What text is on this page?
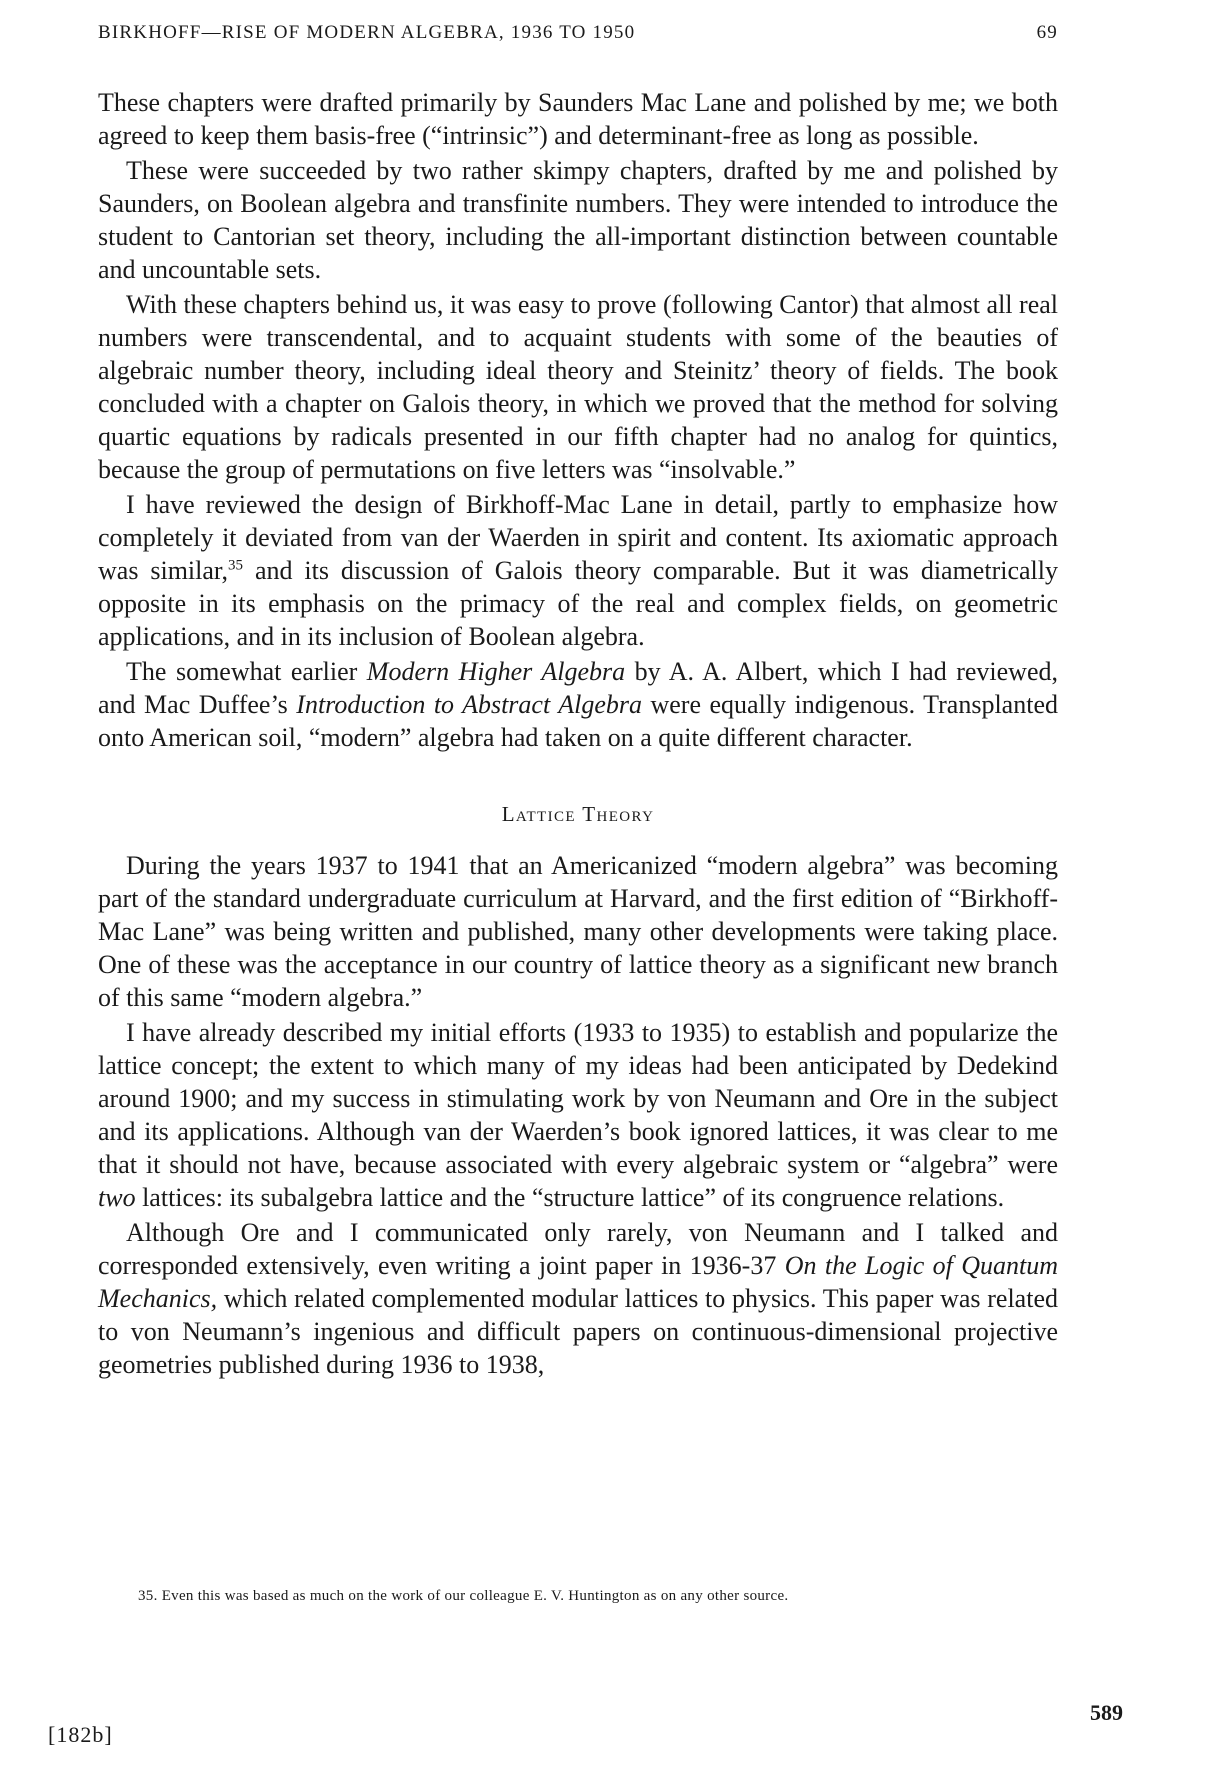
BIRKHOFF—RISE OF MODERN ALGEBRA, 1936 TO 1950	69

These chapters were drafted primarily by Saunders Mac Lane and polished by me; we both agreed to keep them basis-free (“intrinsic”) and determinant-free as long as possible.

These were succeeded by two rather skimpy chapters, drafted by me and polished by Saunders, on Boolean algebra and transfinite numbers. They were intended to introduce the student to Cantorian set theory, including the all-important distinction between countable and uncountable sets.

With these chapters behind us, it was easy to prove (following Cantor) that almost all real numbers were transcendental, and to acquaint students with some of the beauties of algebraic number theory, including ideal theory and Steinitz’ theory of fields. The book concluded with a chapter on Galois theory, in which we proved that the method for solving quartic equations by radicals presented in our fifth chapter had no analog for quintics, because the group of permutations on five letters was “insolvable.”

I have reviewed the design of Birkhoff-Mac Lane in detail, partly to emphasize how completely it deviated from van der Waerden in spirit and content. Its axiomatic approach was similar,$^{35}$ and its discussion of Galois theory comparable. But it was diametrically opposite in its emphasis on the primacy of the real and complex fields, on geometric applications, and in its inclusion of Boolean algebra.

The somewhat earlier Modern Higher Algebra by A. A. Albert, which I had reviewed, and Mac Duffee’s Introduction to Abstract Algebra were equally indigenous. Transplanted onto American soil, “modern” algebra had taken on a quite different character.

Lattice Theory

During the years 1937 to 1941 that an Americanized “modern algebra” was becoming part of the standard undergraduate curriculum at Harvard, and the first edition of “Birkhoff-Mac Lane” was being written and published, many other developments were taking place. One of these was the acceptance in our country of lattice theory as a significant new branch of this same “modern algebra.”

I have already described my initial efforts (1933 to 1935) to establish and popularize the lattice concept; the extent to which many of my ideas had been anticipated by Dedekind around 1900; and my success in stimulating work by von Neumann and Ore in the subject and its applications. Although van der Waerden’s book ignored lattices, it was clear to me that it should not have, because associated with every algebraic system or “algebra” were two lattices: its subalgebra lattice and the “structure lattice” of its congruence relations.

Although Ore and I communicated only rarely, von Neumann and I talked and corresponded extensively, even writing a joint paper in 1936-37 On the Logic of Quantum Mechanics, which related complemented modular lattices to physics. This paper was related to von Neumann’s ingenious and difficult papers on continuous-dimensional projective geometries published during 1936 to 1938,

35. Even this was based as much on the work of our colleague E. V. Huntington as on any other source.
[182b]
589
